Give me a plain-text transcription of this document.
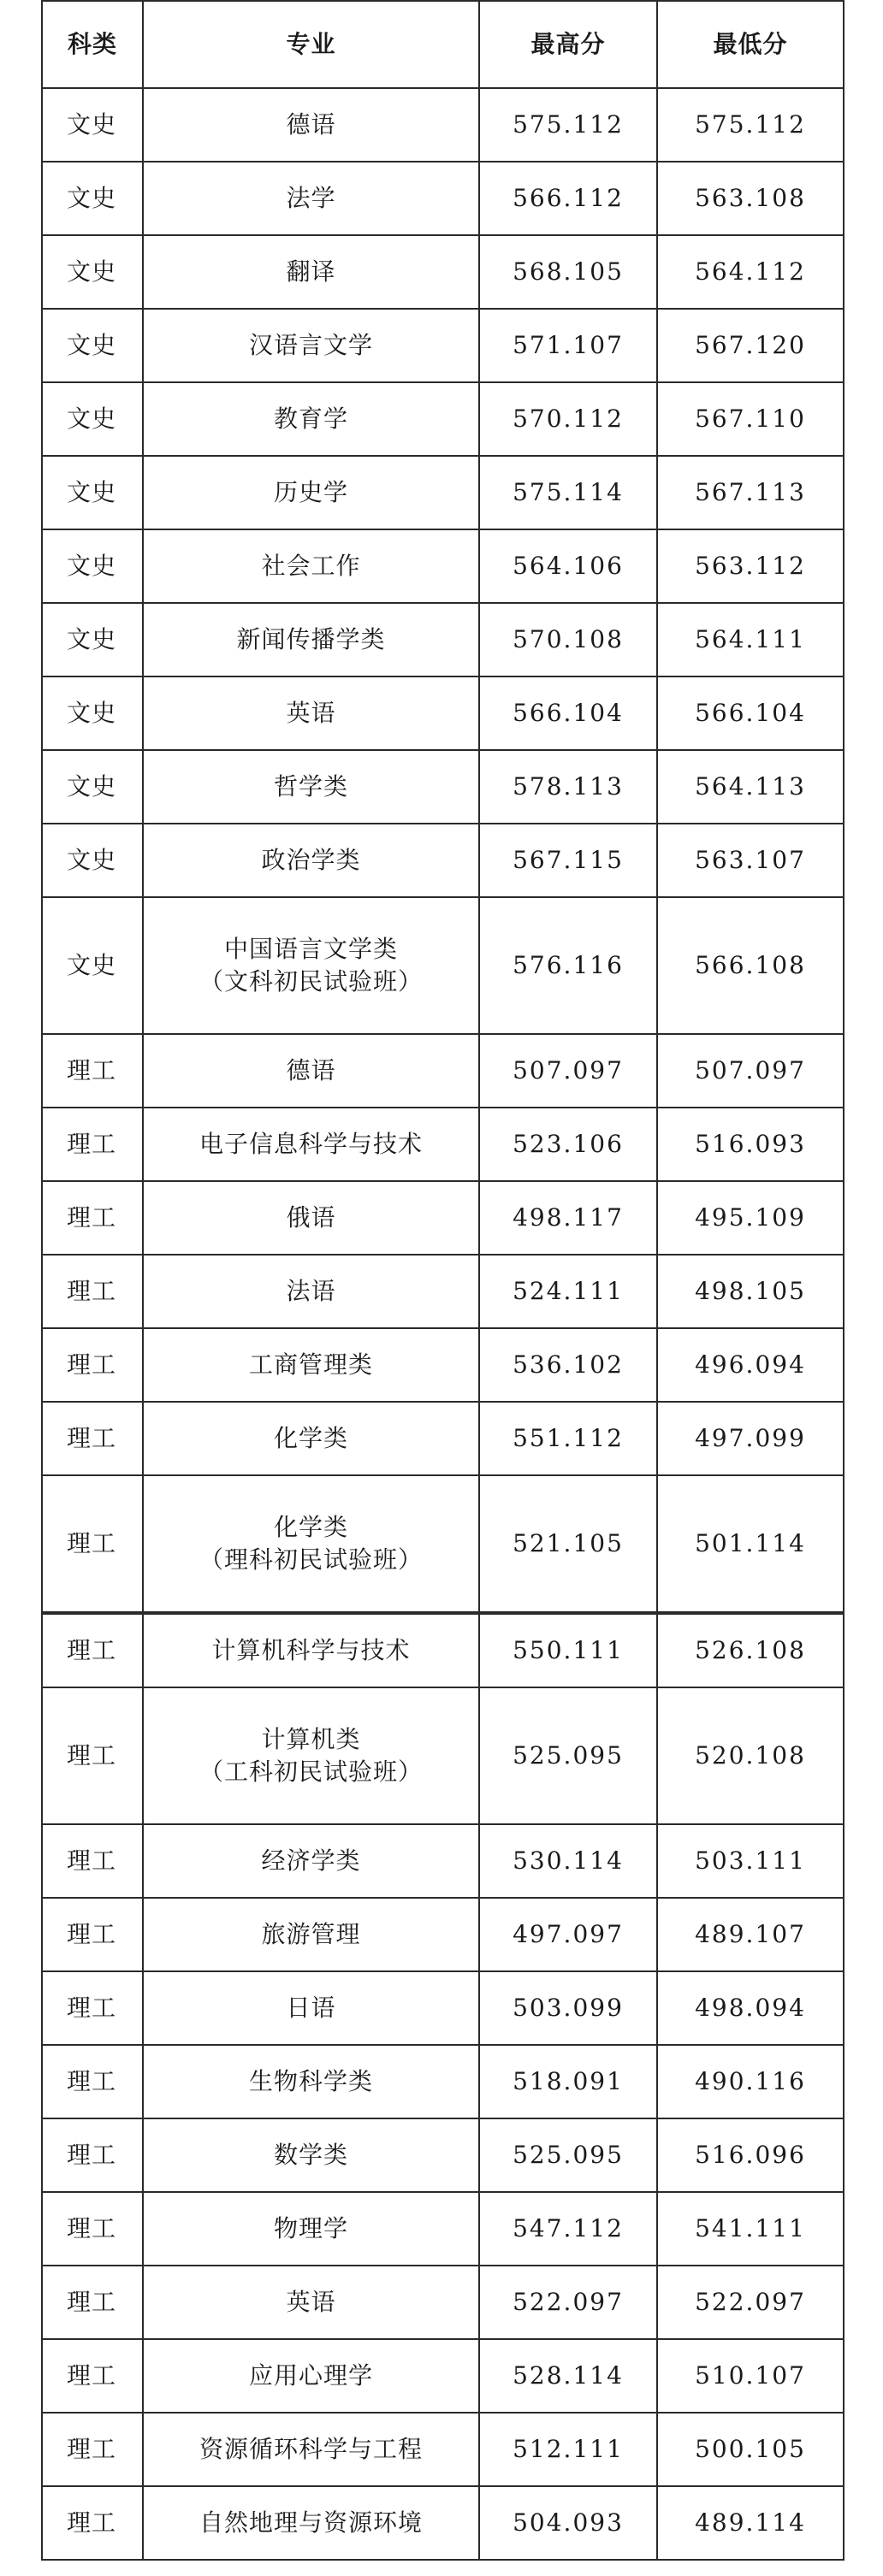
科类	专业	最高分	最低分
文史	德语	575.112	575.112
文史	法学	566.112	563.108
文史	翻译	568.105	564.112
文史	汉语言文学	571.107	567.120
文史	教育学	570.112	567.110
文史	历史学	575.114	567.113
文史	社会工作	564.106	563.112
文史	新闻传播学类	570.108	564.111
文史	英语	566.104	566.104
文史	哲学类	578.113	564.113
文史	政治学类	567.115	563.107
文史	中国语言文学类
（文科初民试验班）	576.116	566.108
理工	德语	507.097	507.097
理工	电子信息科学与技术	523.106	516.093
理工	俄语	498.117	495.109
理工	法语	524.111	498.105
理工	工商管理类	536.102	496.094
理工	化学类	551.112	497.099
理工	化学类
（理科初民试验班）	521.105	501.114
理工	计算机科学与技术	550.111	526.108
理工	计算机类
（工科初民试验班）	525.095	520.108
理工	经济学类	530.114	503.111
理工	旅游管理	497.097	489.107
理工	日语	503.099	498.094
理工	生物科学类	518.091	490.116
理工	数学类	525.095	516.096
理工	物理学	547.112	541.111
理工	英语	522.097	522.097
理工	应用心理学	528.114	510.107
理工	资源循环科学与工程	512.111	500.105
理工	自然地理与资源环境	504.093	489.114
